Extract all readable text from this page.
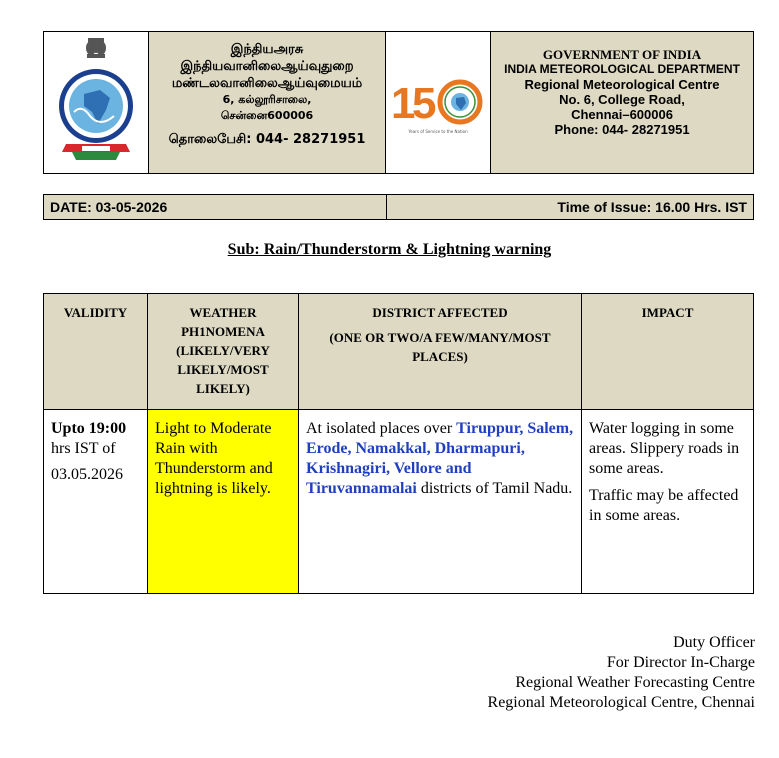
இந்தியஅரசு
இந்தியவானிலைஆய்வுதுறை
மண்டலவானிலைஆய்வுமையம்
6, கல்லூரிசாலை,
சென்னை600006
தொலைபேசி: 044- 28271951
1
5
Years of Service to the Nation
GOVERNMENT OF INDIA
INDIA METEOROLOGICAL DEPARTMENT
Regional Meteorological Centre
No. 6, College Road,
Chennai–600006
Phone: 044- 28271951
DATE: 03-05-2026	Time of Issue: 16.00 Hrs. IST
Sub: Rain/Thunderstorm & Lightning warning
VALIDITY	WEATHER PH1NOMENA (LIKELY/VERY LIKELY/MOST LIKELY)
DISTRICT AFFECTED
(ONE OR TWO/A FEW/MANY/MOST PLACES)
IMPACT
Upto 19:00
hrs IST of
03.05.2026
Light to Moderate Rain with Thunderstorm and lightning is likely.
At isolated places over Tiruppur, Salem, Erode, Namakkal, Dharmapuri, Krishnagiri, Vellore and Tiruvannamalai districts of Tamil Nadu.

Water logging in some areas. Slippery roads in some areas.

Traffic may be affected in some areas.

Duty Officer
For Director In-Charge
Regional Weather Forecasting Centre
Regional Meteorological Centre, Chennai
